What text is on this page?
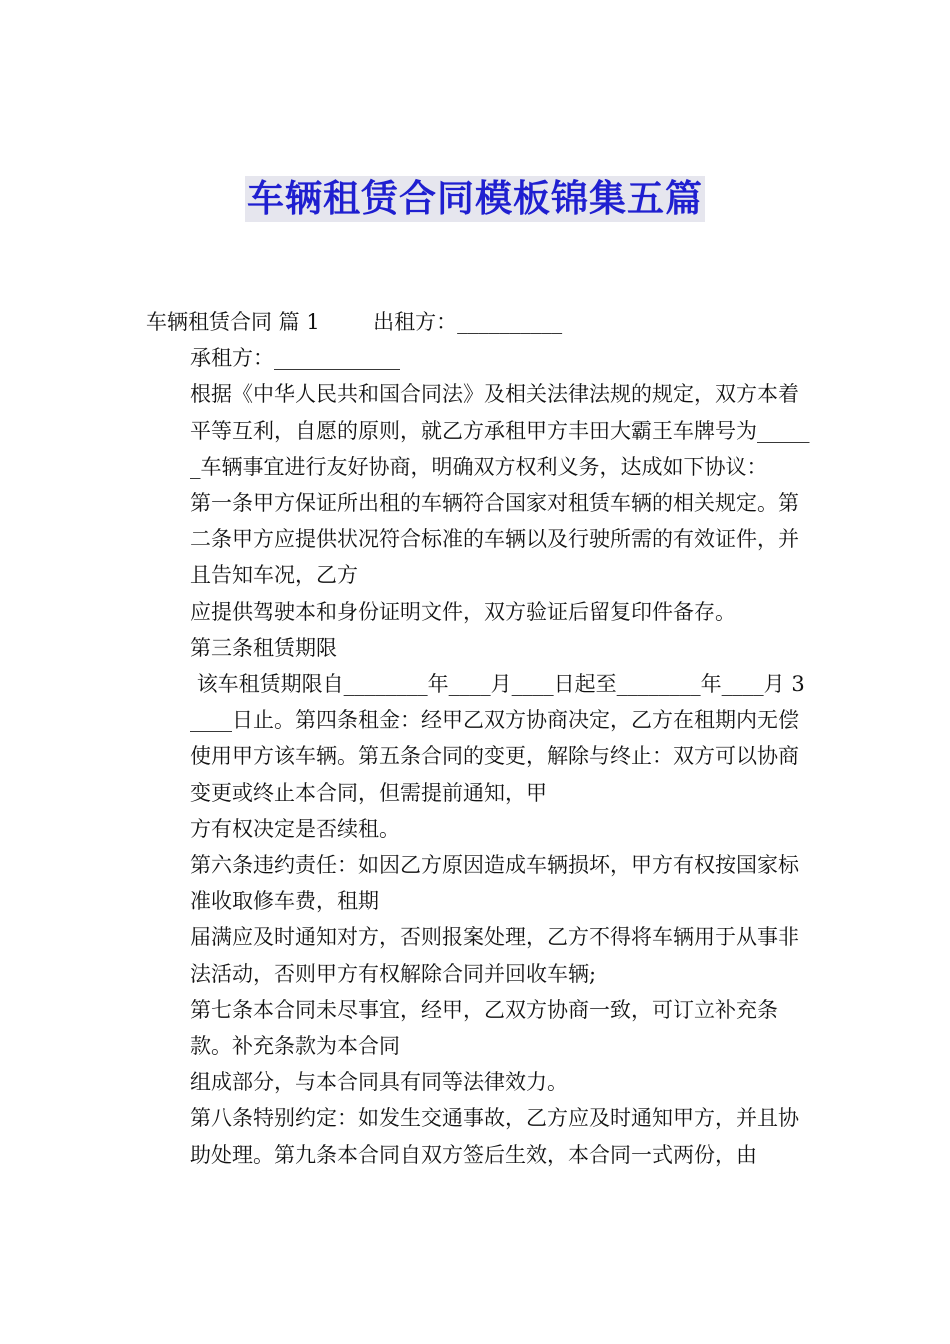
车辆租赁合同模板锦集五篇

车辆租赁合同 篇 1        出租方：__________

承租方：____________

根据《中华人民共和国合同法》及相关法律法规的规定，双方本着平等互利，自愿的原则，就乙方承租甲方丰田大霸王车牌号为______车辆事宜进行友好协商，明确双方权利义务，达成如下协议：

第一条甲方保证所出租的车辆符合国家对租赁车辆的相关规定。第二条甲方应提供状况符合标准的车辆以及行驶所需的有效证件，并且告知车况，乙方

应提供驾驶本和身份证明文件，双方验证后留复印件备存。

第三条租赁期限

该车租赁期限自________年____月____日起至________年____月 3____日止。第四条租金：经甲乙双方协商决定，乙方在租期内无偿使用甲方该车辆。第五条合同的变更，解除与终止：双方可以协商变更或终止本合同，但需提前通知，甲

方有权决定是否续租。

第六条违约责任：如因乙方原因造成车辆损坏，甲方有权按国家标准收取修车费，租期

届满应及时通知对方，否则报案处理，乙方不得将车辆用于从事非法活动，否则甲方有权解除合同并回收车辆;

第七条本合同未尽事宜，经甲，乙双方协商一致，可订立补充条款。补充条款为本合同

组成部分，与本合同具有同等法律效力。

第八条特别约定：如发生交通事故，乙方应及时通知甲方，并且协助处理。第九条本合同自双方签后生效，本合同一式两份，由
